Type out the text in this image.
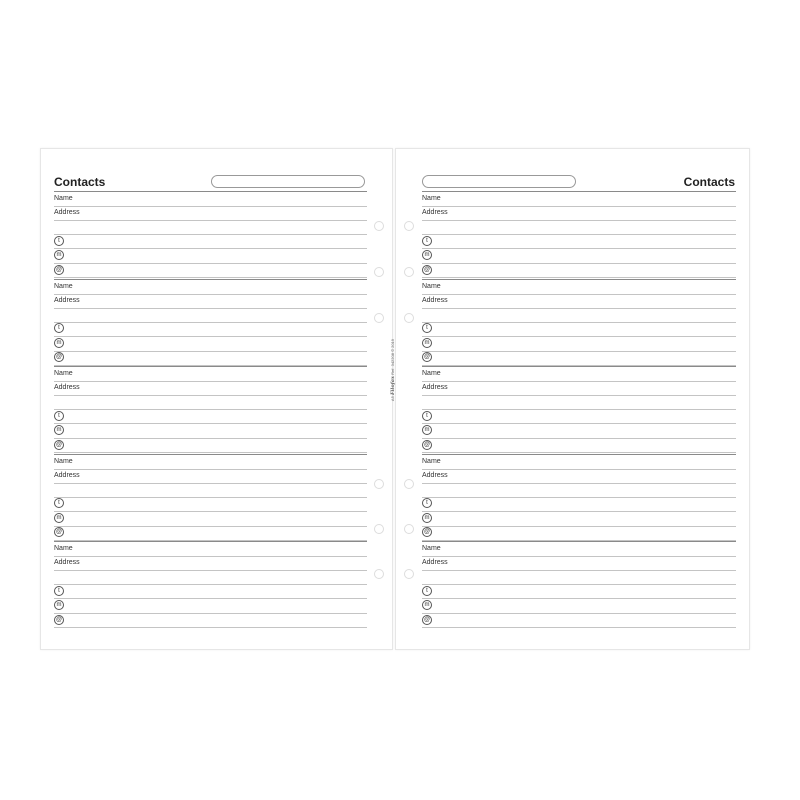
Contacts
Name
Address
t
m
@
Name
Address
t
m
@
Name
Address
t
m
@
Name
Address
t
m
@
Name
Address
t
m
@
Contacts
Name
Address
t
m
@
Name
Address
t
m
@
Name
Address
t
m
@
Name
Address
t
m
@
Name
Address
t
m
@
A5 Filofax Ref. 342208 © 2019
